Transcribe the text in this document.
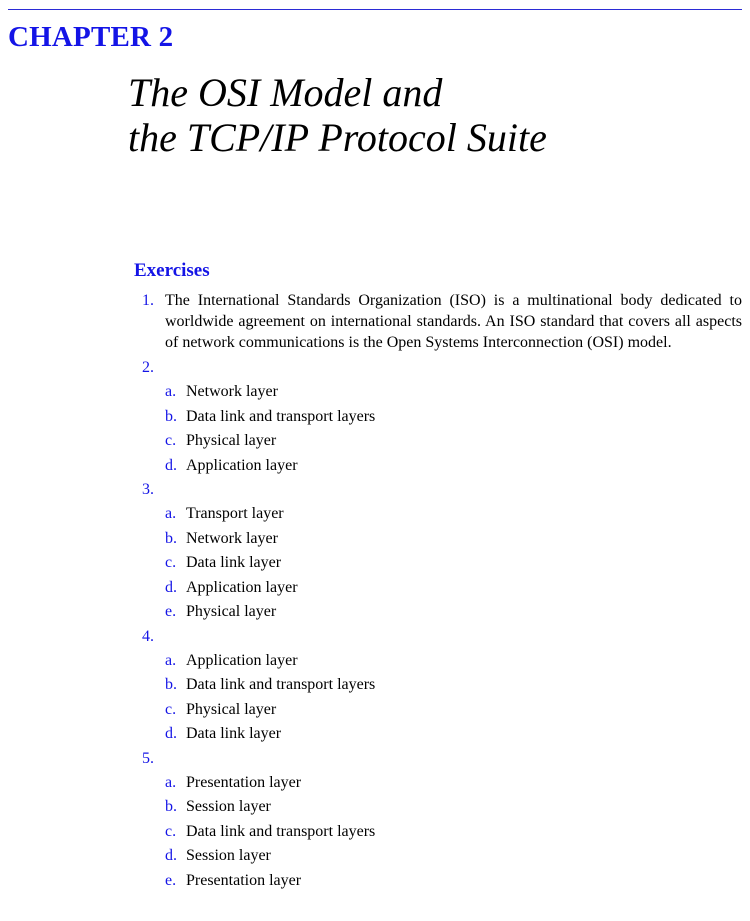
CHAPTER 2
The OSI Model and
the TCP/IP Protocol Suite
Exercises
1. The International Standards Organization (ISO) is a multinational body dedicated to worldwide agreement on international standards. An ISO standard that covers all aspects of network communications is the Open Systems Interconnection (OSI) model.
2.
a. Network layer
b. Data link and transport layers
c. Physical layer
d. Application layer
3.
a. Transport layer
b. Network layer
c. Data link layer
d. Application layer
e. Physical layer
4.
a. Application layer
b. Data link and transport layers
c. Physical layer
d. Data link layer
5.
a. Presentation layer
b. Session layer
c. Data link and transport layers
d. Session layer
e. Presentation layer
